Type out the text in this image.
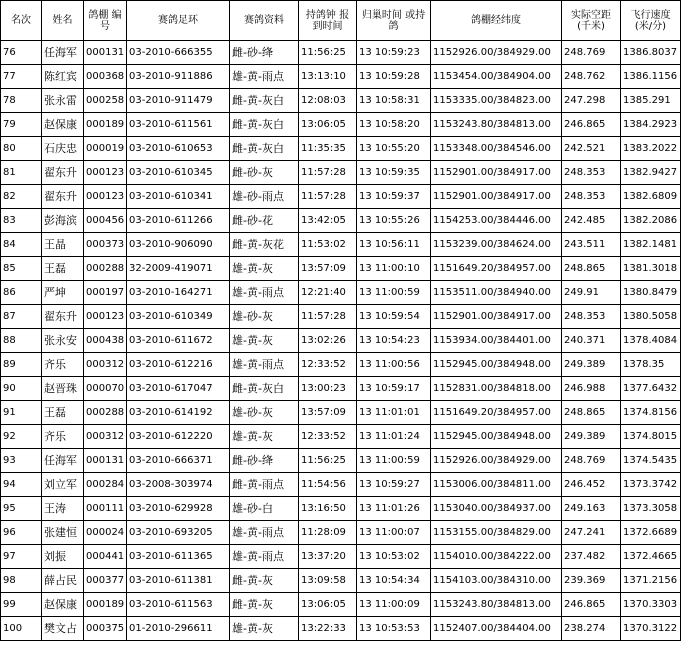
名次	姓名	鸽棚 编号	赛鸽足环	赛鸽资料	持鸽钟 报到时间	归巢时间 或持鸽	鸽棚经纬度	实际空距 (千米)	飞行速度 (米/分)
76	任海军	000131	03-2010-666355	雌-砂-绛	11:56:25	13 10:59:23	1152926.00/384929.00	248.769	1386.8037
77	陈红宾	000368	03-2010-911886	雄-黄-雨点	13:13:10	13 10:59:28	1153454.00/384904.00	248.762	1386.1156
78	张永雷	000258	03-2010-911479	雌-黄-灰白	12:08:03	13 10:58:31	1153335.00/384823.00	247.298	1385.291
79	赵保康	000189	03-2010-611561	雌-黄-灰白	13:06:05	13 10:58:20	1153243.80/384813.00	246.865	1384.2923
80	石庆忠	000019	03-2010-610653	雌-黄-灰白	11:35:35	13 10:55:20	1153348.00/384546.00	242.521	1383.2022
81	翟东升	000123	03-2010-610345	雌-砂-灰	11:57:28	13 10:59:35	1152901.00/384917.00	248.353	1382.9427
82	翟东升	000123	03-2010-610341	雄-砂-雨点	11:57:28	13 10:59:37	1152901.00/384917.00	248.353	1382.6809
83	彭海滨	000456	03-2010-611266	雌-砂-花	13:42:05	13 10:55:26	1154253.00/384446.00	242.485	1382.2086
84	王晶	000373	03-2010-906090	雌-黄-灰花	11:53:02	13 10:56:11	1153239.00/384624.00	243.511	1382.1481
85	王磊	000288	32-2009-419071	雄-黄-灰	13:57:09	13 11:00:10	1151649.20/384957.00	248.865	1381.3018
86	严坤	000197	03-2010-164271	雄-黄-雨点	12:21:40	13 11:00:59	1153511.00/384940.00	249.91	1380.8479
87	翟东升	000123	03-2010-610349	雄-砂-灰	11:57:28	13 10:59:54	1152901.00/384917.00	248.353	1380.5058
88	张永安	000438	03-2010-611672	雄-黄-灰	13:02:26	13 10:54:23	1153934.00/384401.00	240.371	1378.4084
89	齐乐	000312	03-2010-612216	雄-黄-雨点	12:33:52	13 11:00:56	1152945.00/384948.00	249.389	1378.35
90	赵晋珠	000070	03-2010-617047	雌-黄-灰白	13:00:23	13 10:59:17	1152831.00/384818.00	246.988	1377.6432
91	王磊	000288	03-2010-614192	雄-砂-灰	13:57:09	13 11:01:01	1151649.20/384957.00	248.865	1374.8156
92	齐乐	000312	03-2010-612220	雄-黄-灰	12:33:52	13 11:01:24	1152945.00/384948.00	249.389	1374.8015
93	任海军	000131	03-2010-666371	雌-砂-绛	11:56:25	13 11:00:59	1152926.00/384929.00	248.769	1374.5435
94	刘立军	000284	03-2008-303974	雌-黄-雨点	11:54:56	13 10:59:27	1153006.00/384811.00	246.452	1373.3742
95	王涛	000111	03-2010-629928	雄-砂-白	13:16:50	13 11:01:26	1153040.00/384937.00	249.163	1373.3058
96	张建恒	000024	03-2010-693205	雄-黄-雨点	11:28:09	13 11:00:07	1153155.00/384829.00	247.241	1372.6689
97	刘振	000441	03-2010-611365	雄-黄-雨点	13:37:20	13 10:53:02	1154010.00/384222.00	237.482	1372.4665
98	薛占民	000377	03-2010-611381	雌-黄-灰	13:09:58	13 10:54:34	1154103.00/384310.00	239.369	1371.2156
99	赵保康	000189	03-2010-611563	雌-黄-灰	13:06:05	13 11:00:09	1153243.80/384813.00	246.865	1370.3303
100	樊文占	000375	01-2010-296611	雄-黄-灰	13:22:33	13 10:53:53	1152407.00/384404.00	238.274	1370.3122
